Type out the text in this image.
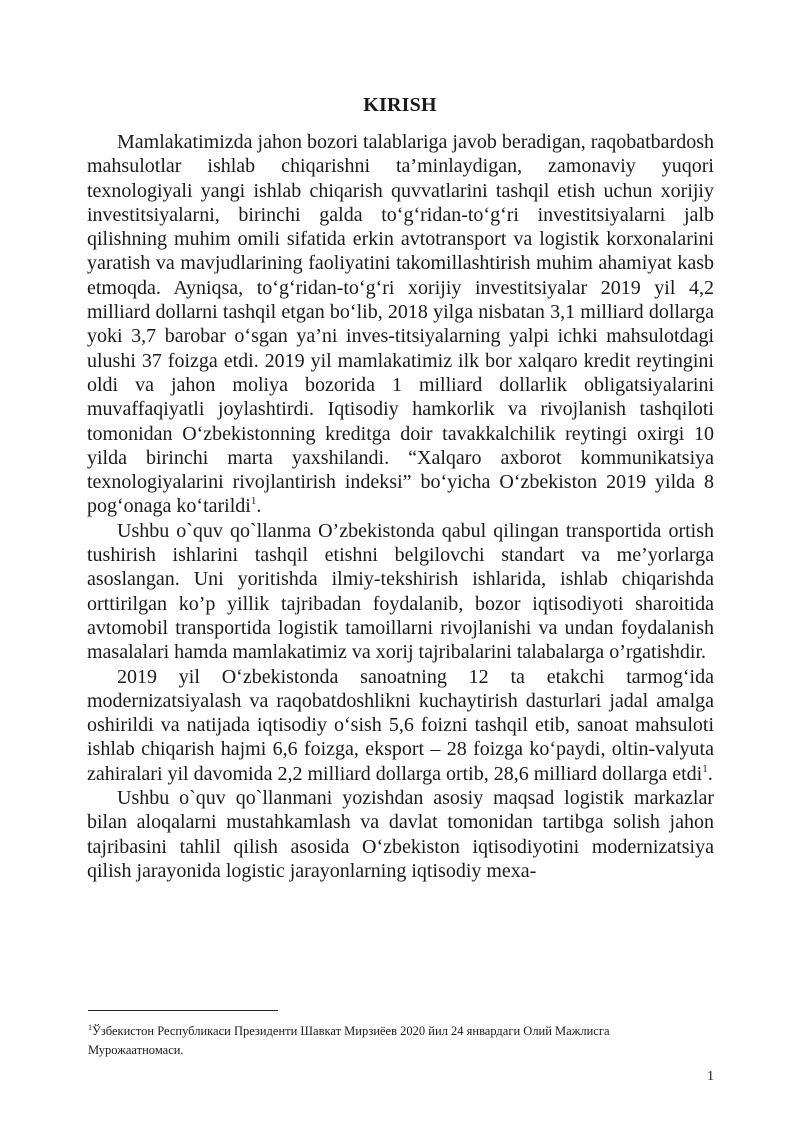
KIRISH

Mamlakatimizda jahon bozori talablariga javob beradigan, raqobatbardosh mahsulotlar ishlab chiqarishni ta’minlaydigan, zamonaviy yuqori texnologiyali yangi ishlab chiqarish quvvatlarini tashqil etish uchun xorijiy investitsiyalarni, birinchi galda to‘g‘ridan-to‘g‘ri investitsiyalarni jalb qilishning muhim omili sifatida erkin avtotransport va logistik korxonalarini yaratish va mavjudlarining faoliyatini takomillashtirish muhim ahamiyat kasb etmoqda. Ayniqsa, to‘g‘ridan-to‘g‘ri xorijiy investitsiyalar 2019 yil 4,2 milliard dollarni tashqil etgan bo‘lib, 2018 yilga nisbatan 3,1 milliard dollarga yoki 3,7 barobar o‘sgan ya’ni inves-titsiyalarning yalpi ichki mahsulotdagi ulushi 37 foizga etdi. 2019 yil mamlakatimiz ilk bor xalqaro kredit reytingini oldi va jahon moliya bozorida 1 milliard dollarlik obligatsiyalarini muvaffaqiyatli joylashtirdi. Iqtisodiy hamkorlik va rivojlanish tashqiloti tomonidan O‘zbekistonning kreditga doir tavakkalchilik reytingi oxirgi 10 yilda birinchi marta yaxshilandi. “Xalqaro axborot kommunikatsiya texnologiyalarini rivojlantirish indeksi” bo‘yicha O‘zbekiston 2019 yilda 8 pog‘onaga ko‘tarildi$^1$.

Ushbu o`quv qo`llanma O’zbekistonda qabul qilingan transportida ortish tushirish ishlarini tashqil etishni belgilovchi standart va me’yorlarga asoslangan. Uni yoritishda ilmiy-tekshirish ishlarida, ishlab chiqarishda orttirilgan ko’p yillik tajribadan foydalanib, bozor iqtisodiyoti sharoitida avtomobil transportida logistik tamoillarni rivojlanishi va undan foydalanish masalalari hamda mamlakatimiz va xorij tajribalarini talabalarga o’rgatishdir.

2019 yil O‘zbekistonda sanoatning 12 ta etakchi tarmog‘ida modernizatsiyalash va raqobatdoshlikni kuchaytirish dasturlari jadal amalga oshirildi va natijada iqtisodiy o‘sish 5,6 foizni tashqil etib, sanoat mahsuloti ishlab chiqarish hajmi 6,6 foizga, eksport – 28 foizga ko‘paydi, oltin-valyuta zahiralari yil davomida 2,2 milliard dollarga ortib, 28,6 milliard dollarga etdi$^1$.

Ushbu o`quv qo`llanmani yozishdan asosiy maqsad logistik markazlar bilan aloqalarni mustahkamlash va davlat tomonidan tartibga solish jahon tajribasini tahlil qilish asosida O‘zbekiston iqtisodiyotini modernizatsiya qilish jarayonida logistic jarayonlarning iqtisodiy mexa-

$^1$Ўзбекистон Республикаси Президенти Шавкат Мирзиёев 2020 йил 24 январдаги Олий Мажлисга Мурожаатномаси.
1
